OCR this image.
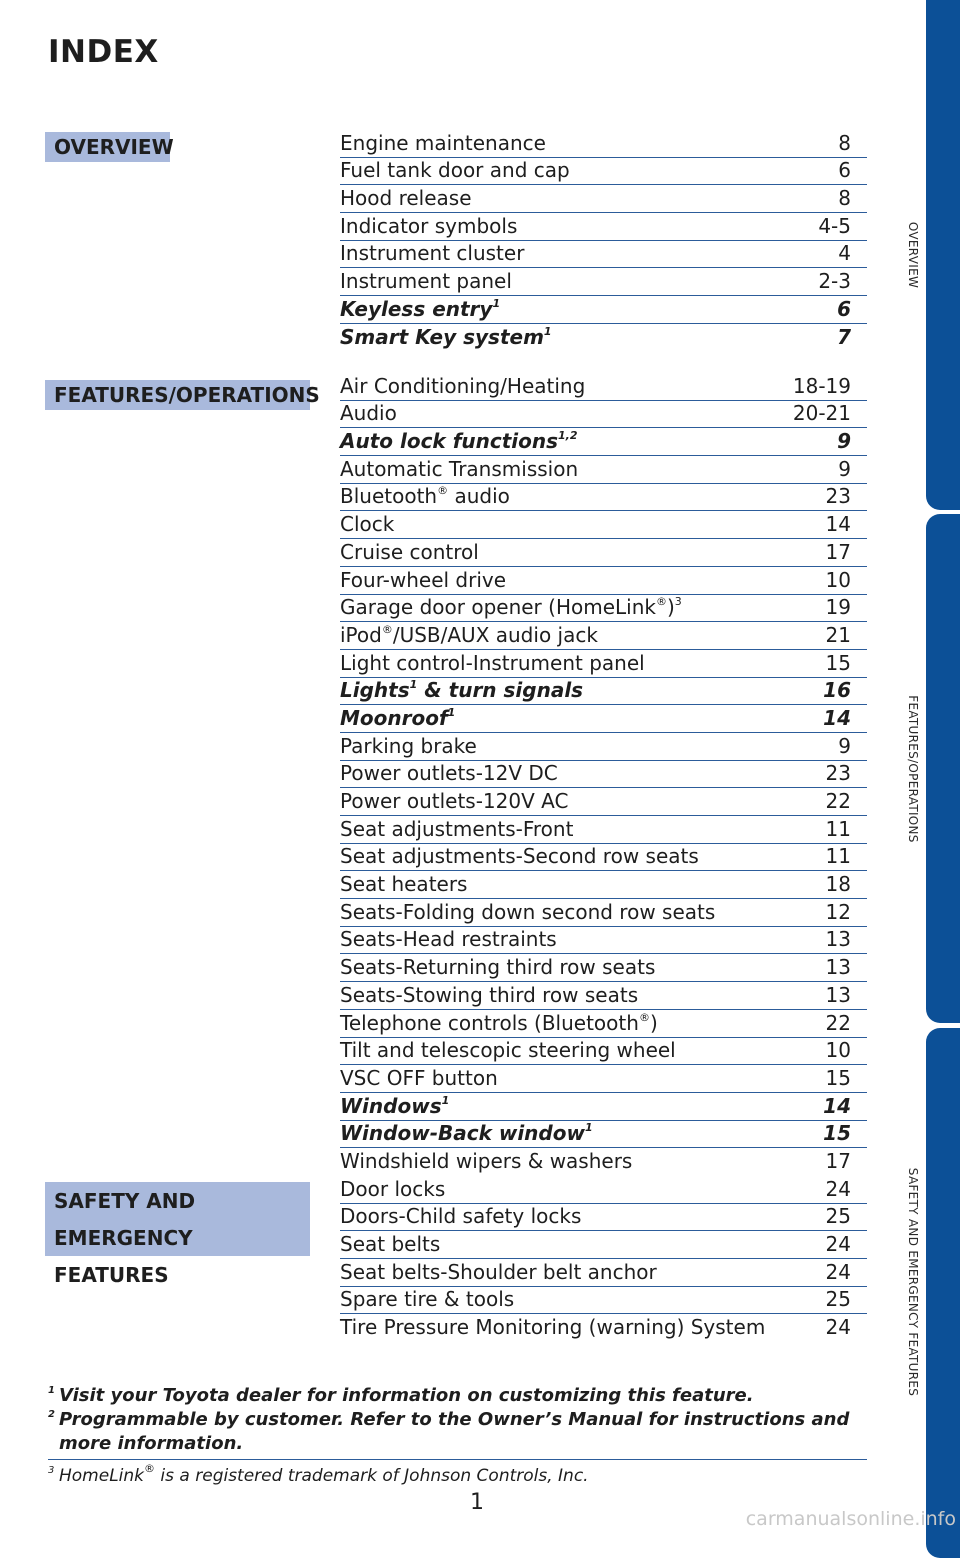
INDEX
OVERVIEW
FEATURES/OPERATIONS
SAFETY AND
EMERGENCY FEATURES
Engine maintenance	8
Fuel tank door and cap	6
Hood release	8
Indicator symbols	4-5
Instrument cluster	4
Instrument panel	2-3
Keyless entry$^1$	6
Smart Key system$^1$	7
Air Conditioning/Heating	18-19
Audio	20-21
Auto lock functions$^{1,2}$	9
Automatic Transmission	9
Bluetooth® audio	23
Clock	14
Cruise control	17
Four-wheel drive	10
Garage door opener (HomeLink®)$^3$	19
iPod®/USB/AUX audio jack	21
Light control-Instrument panel	15
Lights$^1$ & turn signals	16
Moonroof$^1$	14
Parking brake	9
Power outlets-12V DC	23
Power outlets-120V AC	22
Seat adjustments-Front	11
Seat adjustments-Second row seats	11
Seat heaters	18
Seats-Folding down second row seats	12
Seats-Head restraints	13
Seats-Returning third row seats	13
Seats-Stowing third row seats	13
Telephone controls (Bluetooth®)	22
Tilt and telescopic steering wheel	10
VSC OFF button	15
Windows$^1$	14
Window-Back window$^1$	15
Windshield wipers & washers	17
Door locks	24
Doors-Child safety locks	25
Seat belts	24
Seat belts-Shoulder belt anchor	24
Spare tire & tools	25
Tire Pressure Monitoring (warning) System	24
1 Visit your Toyota dealer for information on customizing this feature.
2 Programmable by customer. Refer to the Owner’s Manual for instructions and
more information.
3 HomeLink® is a registered trademark of Johnson Controls, Inc.
1
OVERVIEW
FEATURES/OPERATIONS
SAFETY AND EMERGENCY FEATURES
carmanualsonline.info
